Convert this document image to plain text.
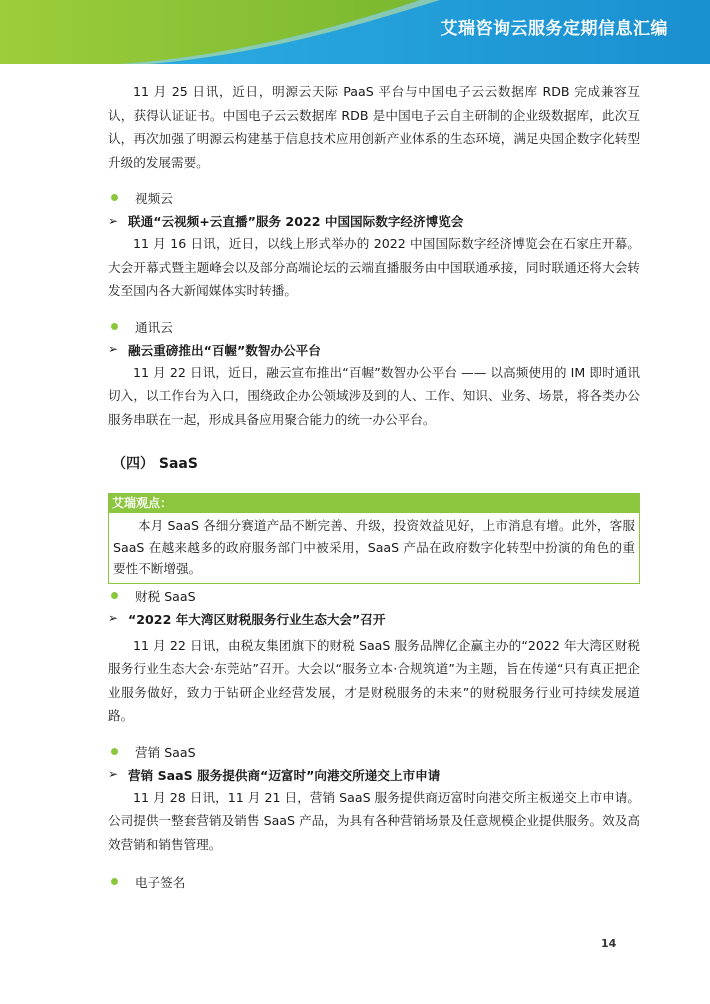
艾瑞咨询云服务定期信息汇编

11 月 25 日讯，近日，明源云天际 PaaS 平台与中国电子云云数据库 RDB 完成兼容互认，获得认证证书。中国电子云云数据库 RDB 是中国电子云自主研制的企业级数据库，此次互认，再次加强了明源云构建基于信息技术应用创新产业体系的生态环境，满足央国企数字化转型升级的发展需要。

视频云
➢ 联通“云视频+云直播”服务 2022 中国国际数字经济博览会

11 月 16 日讯，近日，以线上形式举办的 2022 中国国际数字经济博览会在石家庄开幕。大会开幕式暨主题峰会以及部分高端论坛的云端直播服务由中国联通承接，同时联通还将大会转发至国内各大新闻媒体实时转播。

通讯云
➢ 融云重磅推出“百幄”数智办公平台

11 月 22 日讯，近日，融云宣布推出“百幄”数智办公平台 —— 以高频使用的 IM 即时通讯切入，以工作台为入口，围绕政企办公领域涉及到的人、工作、知识、业务、场景，将各类办公服务串联在一起，形成具备应用聚合能力的统一办公平台。

（四） SaaS
艾瑞观点：

本月 SaaS 各细分赛道产品不断完善、升级，投资效益见好，上市消息有增。此外，客服 SaaS 在越来越多的政府服务部门中被采用，SaaS 产品在政府数字化转型中扮演的角色的重要性不断增强。

财税 SaaS
➢ “2022 年大湾区财税服务行业生态大会”召开

11 月 22 日讯，由税友集团旗下的财税 SaaS 服务品牌亿企赢主办的“2022 年大湾区财税服务行业生态大会·东莞站”召开。大会以“服务立本·合规筑道”为主题，旨在传递“只有真正把企业服务做好，致力于钻研企业经营发展，才是财税服务的未来”的财税服务行业可持续发展道路。

营销 SaaS
➢ 营销 SaaS 服务提供商“迈富时”向港交所递交上市申请

11 月 28 日讯，11 月 21 日，营销 SaaS 服务提供商迈富时向港交所主板递交上市申请。公司提供一整套营销及销售 SaaS 产品，为具有各种营销场景及任意规模企业提供服务。效及高效营销和销售管理。

电子签名
14
